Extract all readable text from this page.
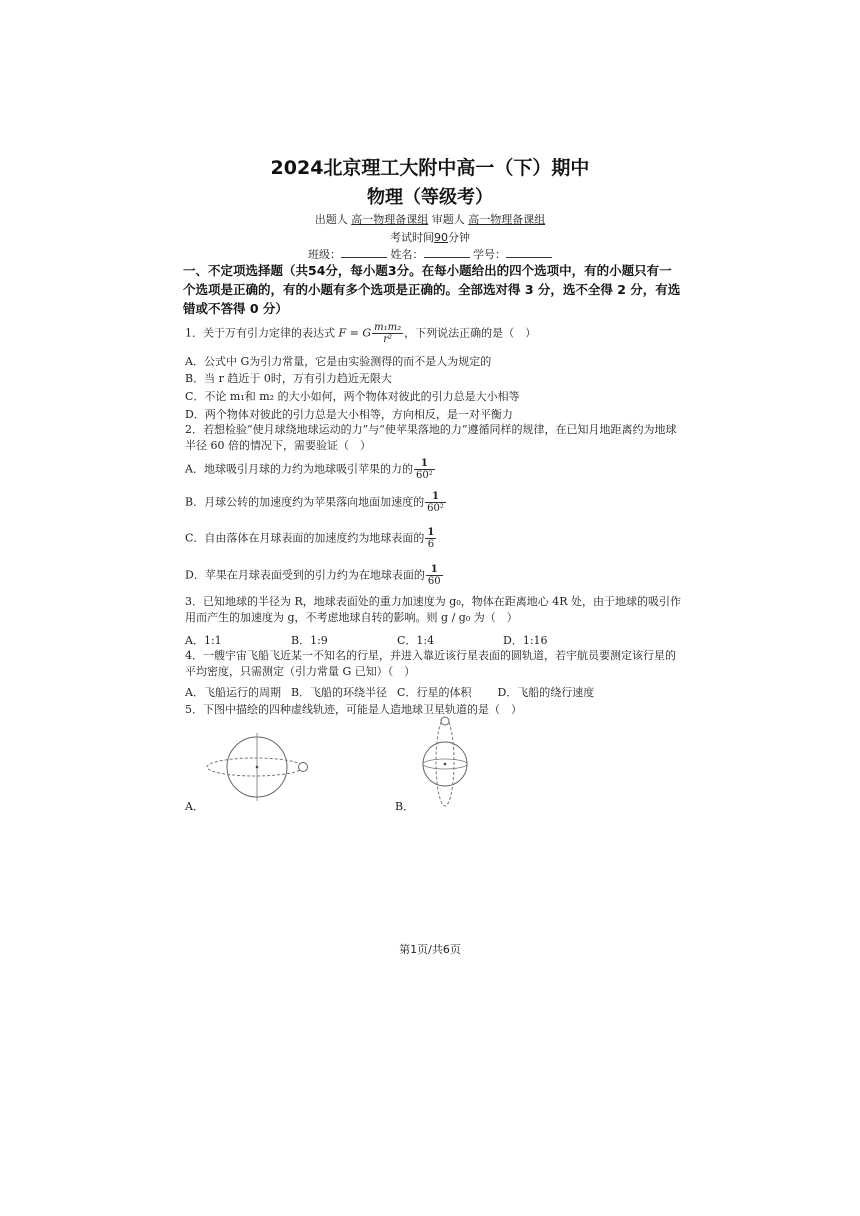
2024北京理工大附中高一（下）期中
物理（等级考）
出题人 高一物理备课组 审题人 高一物理备课组
考试时间90分钟
班级：	姓名：	学号：
一、不定项选择题（共54分，每小题3分。在每小题给出的四个选项中，有的小题只有一个选项是正确的，有的小题有多个选项是正确的。全部选对得 3 分，选不全得 2 分，有选错或不答得 0 分）
1．关于万有引力定律的表达式 F = G $\frac{\text{m₁m₂}}{\text{r²}}$ ，下列说法正确的是（　）
A．公式中 G为引力常量，它是由实验测得的而不是人为规定的
B．当 r 趋近于 0时，万有引力趋近无限大
C．不论 m₁和 m₂ 的大小如何，两个物体对彼此的引力总是大小相等
D．两个物体对彼此的引力总是大小相等，方向相反，是一对平衡力
2．若想检验“使月球绕地球运动的力”与“使苹果落地的力”遵循同样的规律，在已知月地距离约为地球半径 60 倍的情况下，需要验证（　）
A．地球吸引月球的力约为地球吸引苹果的力的 $\frac{1}{\text{60²}}$
B．月球公转的加速度约为苹果落向地面加速度的 $\frac{1}{\text{60²}}$
C．自由落体在月球表面的加速度约为地球表面的 $\frac{1}{6}$
D．苹果在月球表面受到的引力约为在地球表面的 $\frac{1}{60}$
3．已知地球的半径为 R，地球表面处的重力加速度为 g₀，物体在距离地心 4R 处，由于地球的吸引作用而产生的加速度为 g，不考虑地球自转的影响。则 g / g₀ 为（　）
A．1:1	B．1:9	C．1:4	D．1:16
4．一艘宇宙飞船飞近某一不知名的行星，并进入靠近该行星表面的圆轨道，若宇航员要测定该行星的平均密度，只需测定（引力常量 G 已知）（　）
A．飞船运行的周期 B．飞船的环绕半径 C．行星的体积 D．飞船的绕行速度
5．下图中描绘的四种虚线轨迹，可能是人造地球卫星轨道的是（　）
A．	B．
第1页/共6页
